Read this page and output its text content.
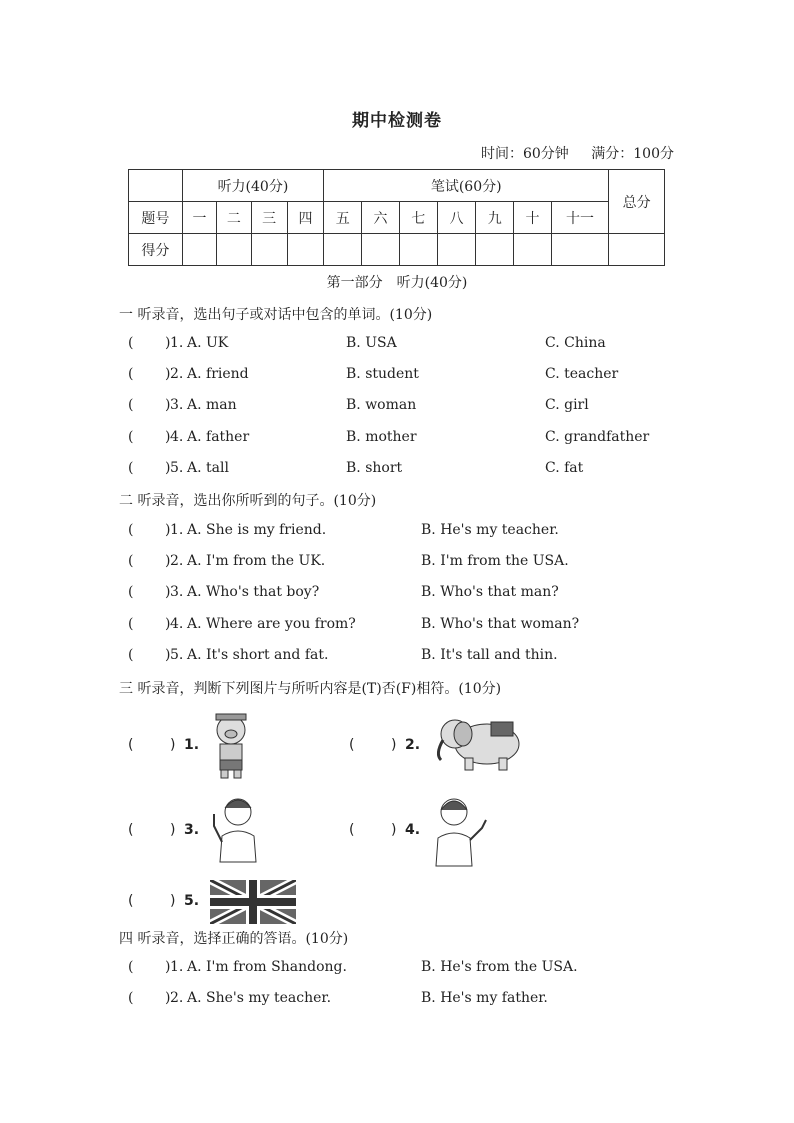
期中检测卷
时间：60分钟 满分：100分
	听力(40分)				笔试(60分)							总分
题号	一	二	三	四	五	六	七	八	九	十	十一	
得分												
第一部分　听力(40分)
一 听录音，选出句子或对话中包含的单词。(10分)
1. A. UK	B. USA	C. China
2. A. friend	B. student	C. teacher
3. A. man	B. woman	C. girl
4. A. father	B. mother	C. grandfather
5. A. tall	B. short	C. fat
二 听录音，选出你所听到的句子。(10分)
1. A. She is my friend.	B. He's my teacher.
2. A. I'm from the UK.	B. I'm from the USA.
3. A. Who's that boy?	B. Who's that man?
4. A. Where are you from?	B. Who's that woman?
5. A. It's short and fat.	B. It's tall and thin.
三 听录音，判断下列图片与所听内容是(T)否(F)相符。(10分)
(	) 1.	(	) 2.
(	) 3.	(	) 4.
(	) 5.
四 听录音，选择正确的答语。(10分)
1. A. I'm from Shandong.	B. He's from the USA.
2. A. She's my teacher.	B. He's my father.
